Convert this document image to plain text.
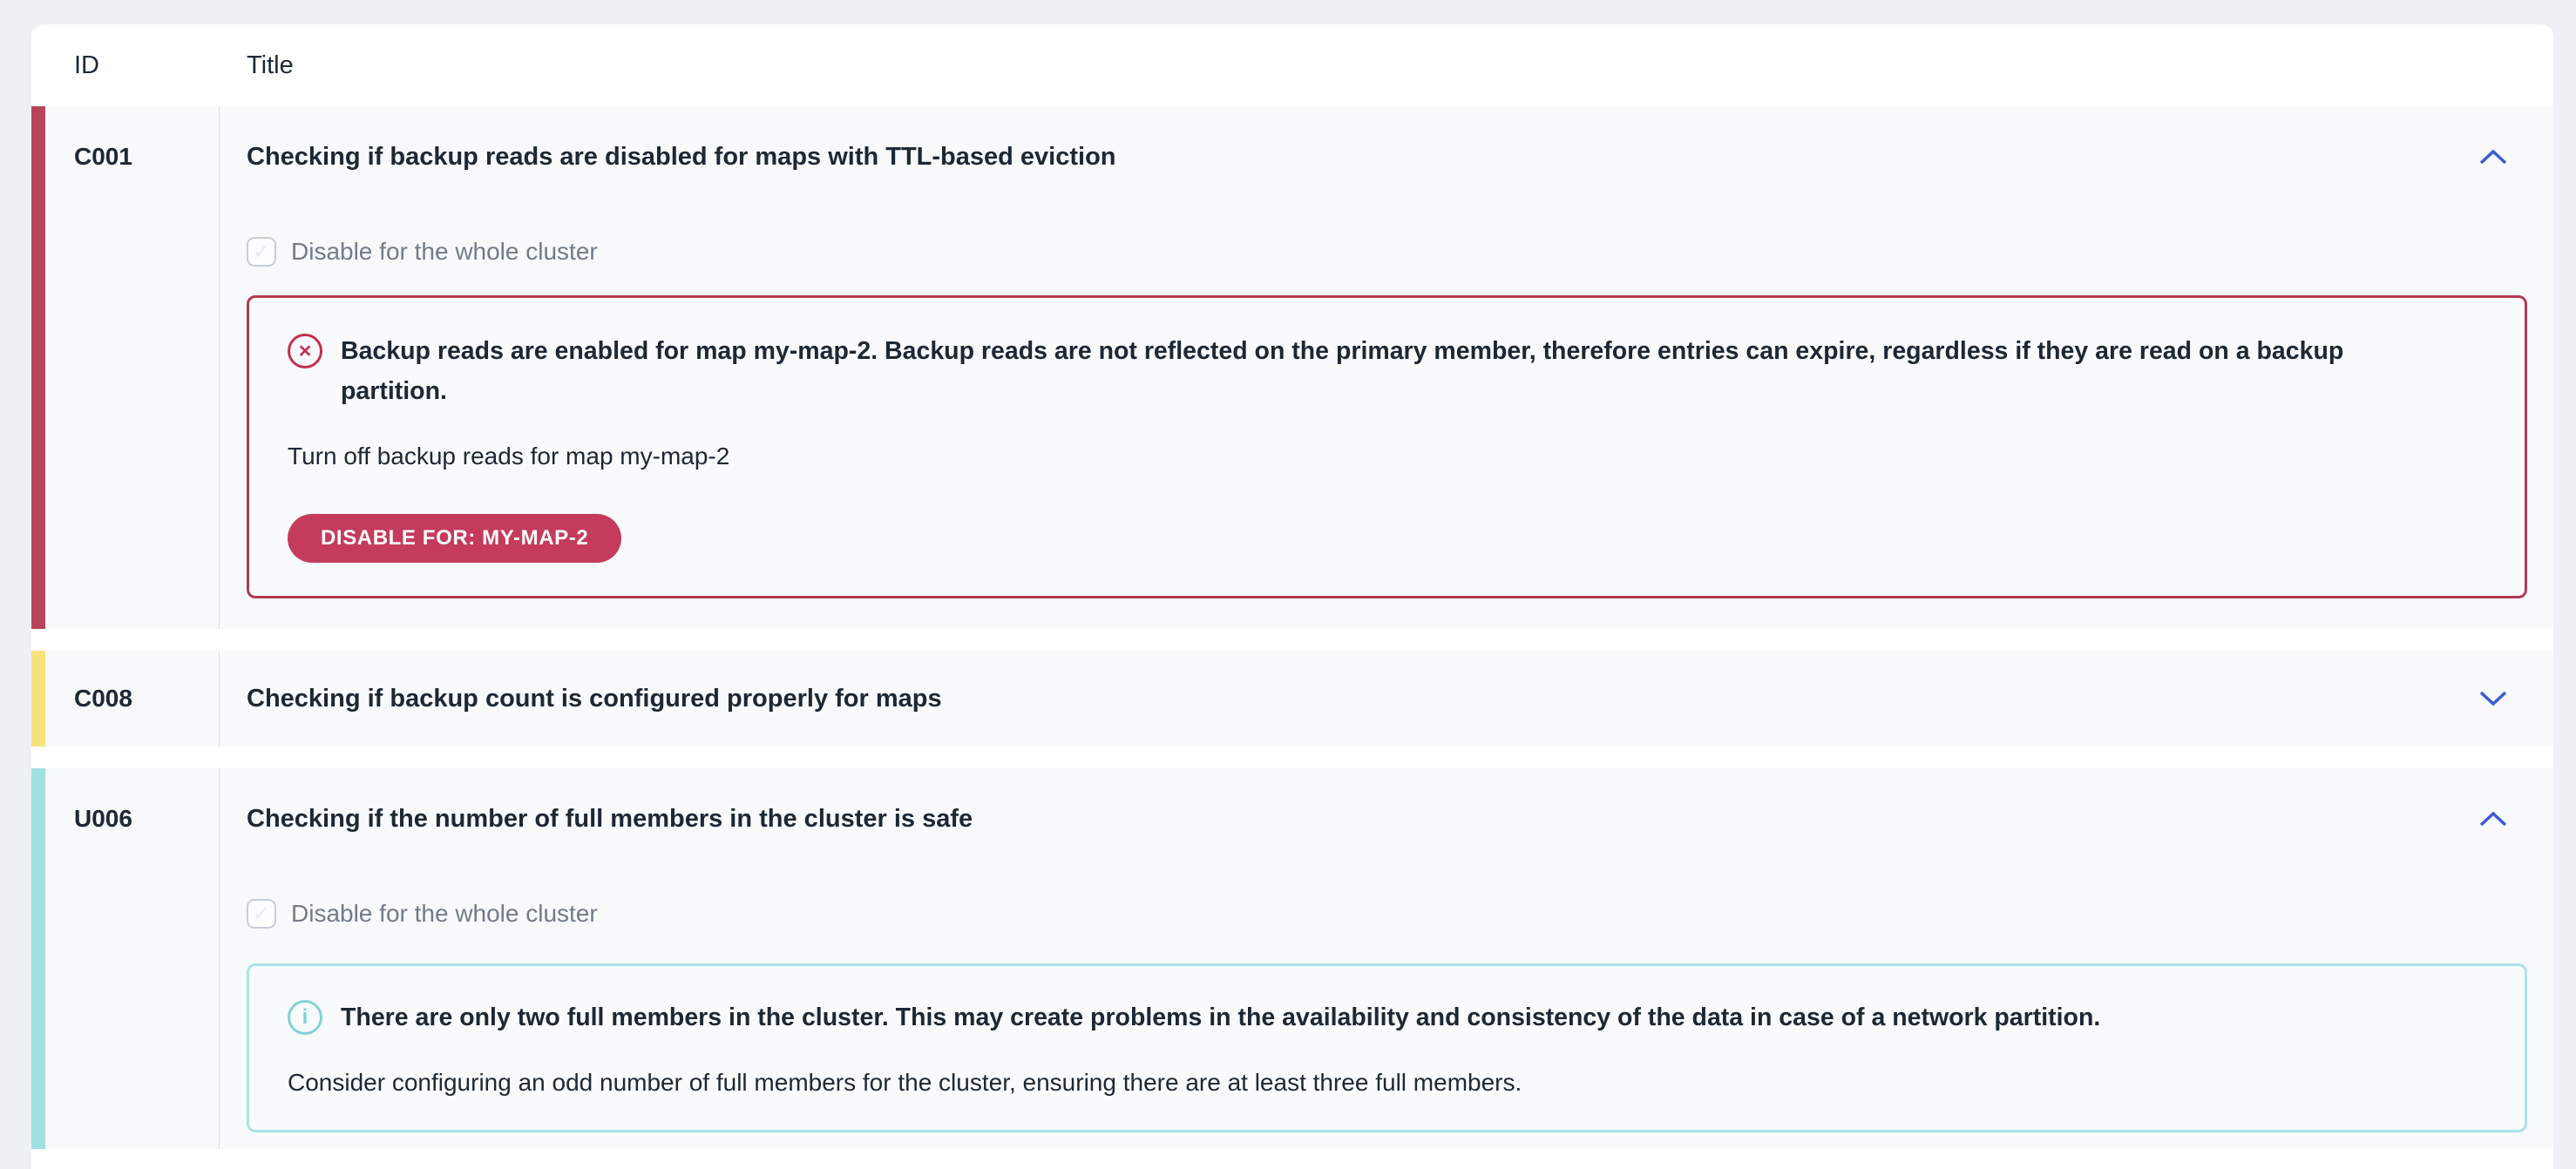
ID	Title
C001	Checking if backup reads are disabled for maps with TTL-based eviction
✓ Disable for the whole cluster
×	Backup reads are enabled for map my-map-2. Backup reads are not reflected on the primary member, therefore entries can expire, regardless if they are read on a backup partition.
Turn off backup reads for map my-map-2
DISABLE FOR: MY-MAP-2
C008	Checking if backup count is configured properly for maps
U006	Checking if the number of full members in the cluster is safe
✓ Disable for the whole cluster
i There are only two full members in the cluster. This may create problems in the availability and consistency of the data in case of a network partition.
Consider configuring an odd number of full members for the cluster, ensuring there are at least three full members.
